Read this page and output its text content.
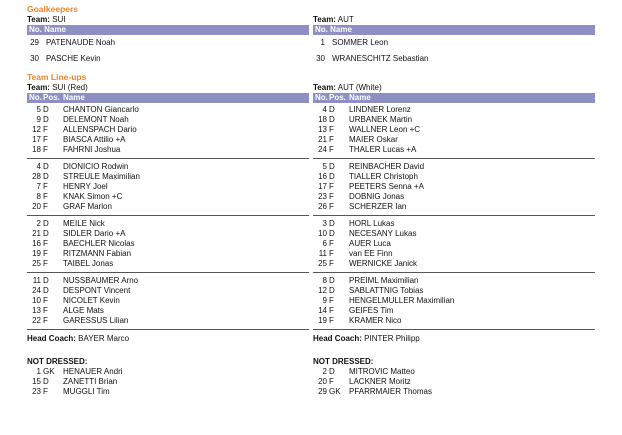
Goalkeepers
Team: SUI
No. Name
29 PATENAUDE Noah
30 PASCHE Kevin
Team: AUT
No. Name
1 SOMMER Leon
30 WRANESCHITZ Sebastian
Team Line-ups
Team: SUI (Red)
No. Pos. Name
5 D CHANTON Giancarlo
9 D DELEMONT Noah
12 F ALLENSPACH Dario
17 F BIASCA Attilio +A
18 F FAHRNI Joshua
4 D DIONICIO Rodwin
28 D STREULE Maximilian
7 F HENRY Joel
8 F KNAK Simon +C
20 F GRAF Marlon
2 D MEILE Nick
21 D SIDLER Dario +A
16 F BAECHLER Nicolas
19 F RITZMANN Fabian
25 F TAIBEL Jonas
11 D NUSSBAUMER Arno
24 D DESPONT Vincent
10 F NICOLET Kevin
13 F ALGE Mats
22 F GARESSUS Lilian
Head Coach: BAYER Marco
NOT DRESSED:
1 GK HENAUER Andri
15 D ZANETTI Brian
23 F MUGGLI Tim
Team: AUT (White)
No. Pos. Name
4 D LINDNER Lorenz
18 D URBANEK Martin
13 F WALLNER Leon +C
21 F MAIER Oskar
24 F THALER Lucas +A
5 D REINBACHER David
16 D TIALLER Christoph
17 F PEETERS Senna +A
23 F DOBNIG Jonas
26 F SCHERZER Ian
3 D HORL Lukas
10 D NECESANY Lukas
6 F AUER Luca
11 F van EE Finn
25 F WERNICKE Janick
8 D PREIML Maximilian
12 D SABLATTNIG Tobias
9 F HENGELMULLER Maximilian
14 F GEIFES Tim
19 F KRAMER Nico
Head Coach: PINTER Philipp
NOT DRESSED:
2 D MITROVIC Matteo
20 F LACKNER Moritz
29 GK PFARRMAIER Thomas
